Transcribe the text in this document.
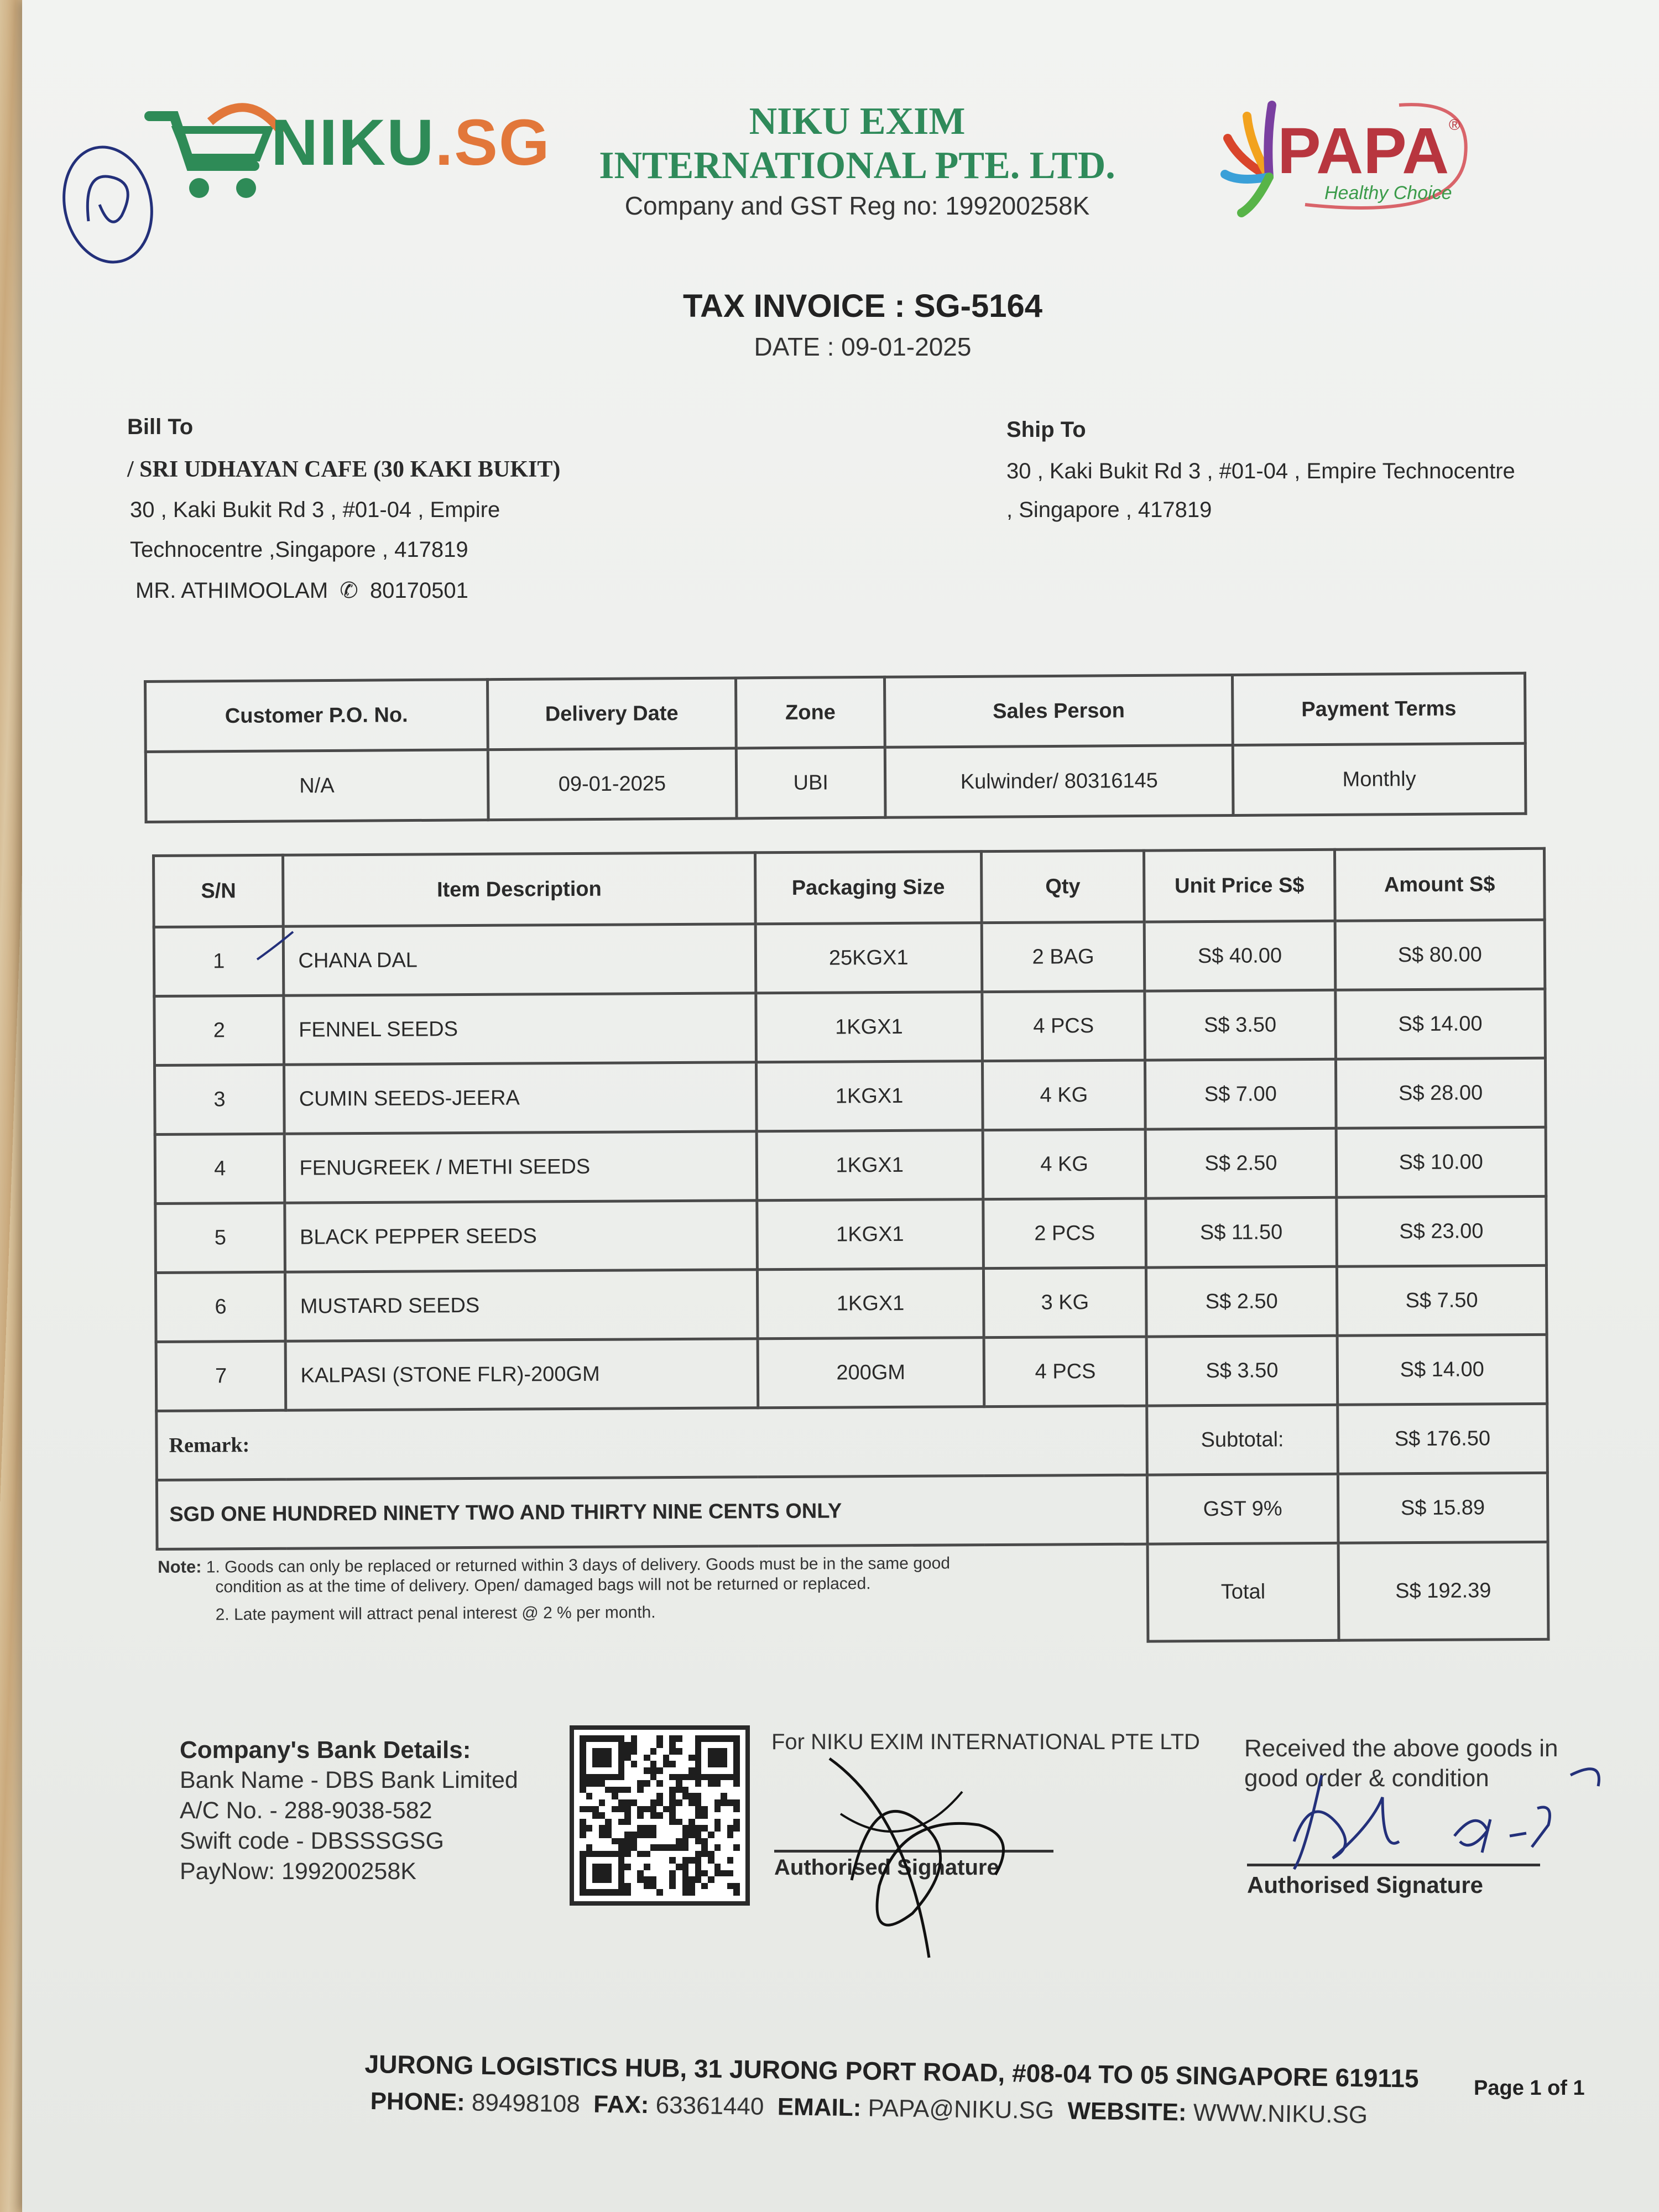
NIKU.SG	NIKU EXIM
INTERNATIONAL PTE. LTD.
Company and GST Reg no: 199200258K
PAPA ®
Healthy Choice
TAX INVOICE : SG-5164
DATE : 09-01-2025
Bill To
/ SRI UDHAYAN CAFE (30 KAKI BUKIT)
30 , Kaki Bukit Rd 3 , #01-04 , Empire
Technocentre ,Singapore , 417819
MR. ATHIMOOLAM ✆ 80170501
Ship To
30 , Kaki Bukit Rd 3 , #01-04 , Empire Technocentre
, Singapore , 417819
Customer P.O. No.	Delivery Date	Zone	Sales Person	Payment Terms
N/A	09-01-2025	UBI	Kulwinder/ 80316145	Monthly
S/N	Item Description	Packaging Size	Qty	Unit Price S$	Amount S$
1	CHANA DAL	25KGX1	2 BAG	S$ 40.00	S$ 80.00
2	FENNEL SEEDS	1KGX1	4 PCS	S$ 3.50	S$ 14.00
3	CUMIN SEEDS-JEERA	1KGX1	4 KG	S$ 7.00	S$ 28.00
4	FENUGREEK / METHI SEEDS	1KGX1	4 KG	S$ 2.50	S$ 10.00
5	BLACK PEPPER SEEDS	1KGX1	2 PCS	S$ 11.50	S$ 23.00
6	MUSTARD SEEDS	1KGX1	3 KG	S$ 2.50	S$ 7.50
7	KALPASI (STONE FLR)-200GM	200GM	4 PCS	S$ 3.50	S$ 14.00
Remark:				Subtotal:	S$ 176.50
SGD ONE HUNDRED NINETY TWO AND THIRTY NINE CENTS ONLY				GST 9%	S$ 15.89

Note: 1. Goods can only be replaced or returned within 3 days of delivery. Goods must be in the same good
condition as at the time of delivery. Open/ damaged bags will not be returned or replaced.
2. Late payment will attract penal interest @ 2 % per month.				Total	S$ 192.39
Company's Bank Details:
Bank Name - DBS Bank Limited
A/C No. - 288-9038-582
Swift code - DBSSSGSG
PayNow: 199200258K
For NIKU EXIM INTERNATIONAL PTE LTD
Authorised Signature
Received the above goods in
good order & condition
Authorised Signature
JURONG LOGISTICS HUB, 31 JURONG PORT ROAD, #08-04 TO 05 SINGAPORE 619115
PHONE: 89498108 FAX: 63361440 EMAIL: PAPA@NIKU.SG WEBSITE: WWW.NIKU.SG
Page 1 of 1
